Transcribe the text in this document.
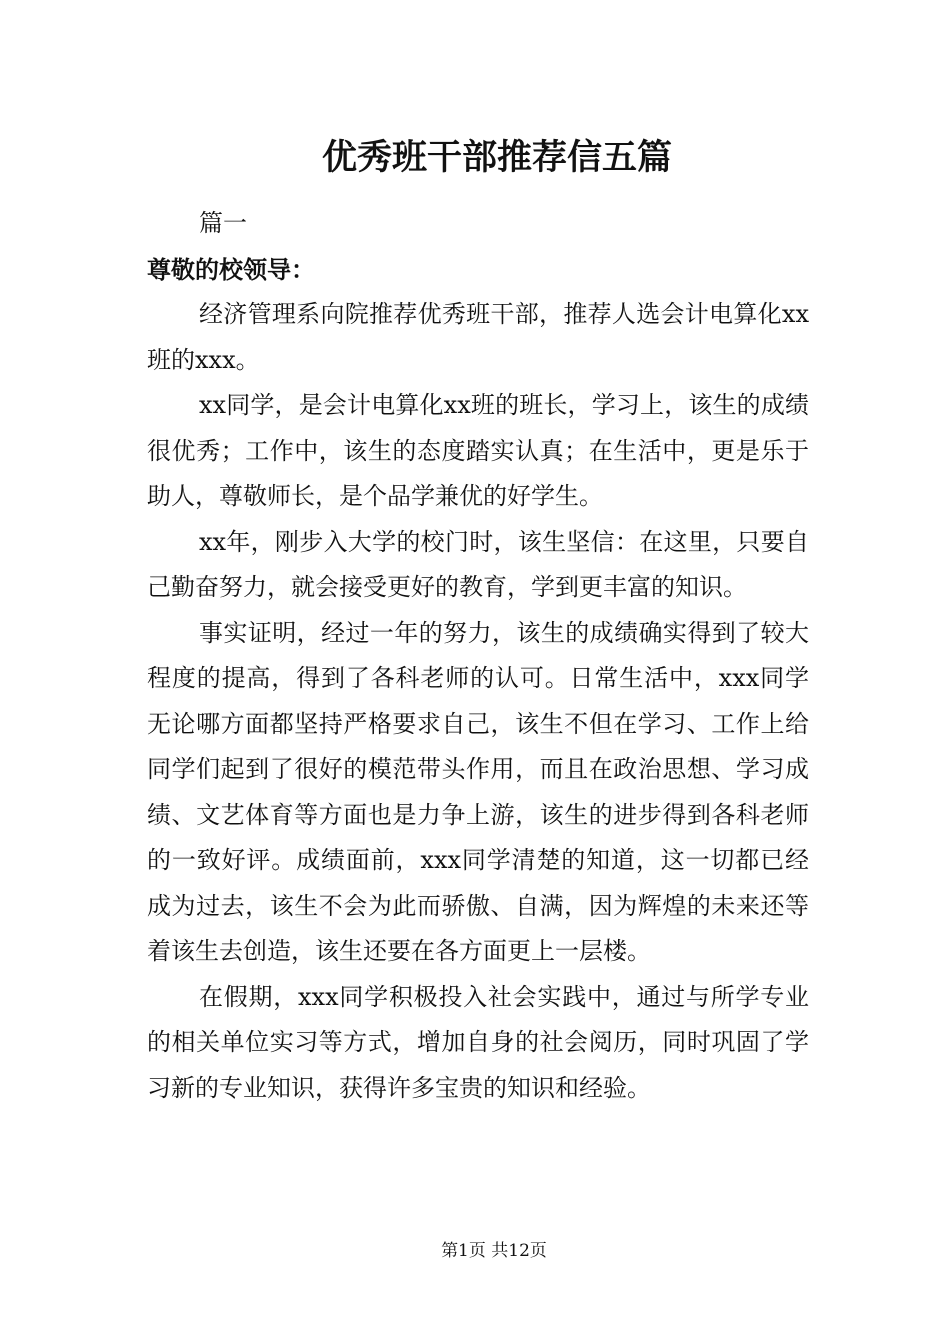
优秀班干部推荐信五篇

篇一

尊敬的校领导：

经济管理系向院推荐优秀班干部，推荐人选会计电算化xx班的xxx。

xx同学，是会计电算化xx班的班长，学习上，该生的成绩很优秀；工作中，该生的态度踏实认真；在生活中，更是乐于助人，尊敬师长，是个品学兼优的好学生。

xx年，刚步入大学的校门时，该生坚信：在这里，只要自己勤奋努力，就会接受更好的教育，学到更丰富的知识。

事实证明，经过一年的努力，该生的成绩确实得到了较大程度的提高，得到了各科老师的认可。日常生活中，xxx同学无论哪方面都坚持严格要求自己，该生不但在学习、工作上给同学们起到了很好的模范带头作用，而且在政治思想、学习成绩、文艺体育等方面也是力争上游，该生的进步得到各科老师的一致好评。成绩面前，xxx同学清楚的知道，这一切都已经成为过去，该生不会为此而骄傲、自满，因为辉煌的未来还等着该生去创造，该生还要在各方面更上一层楼。

在假期，xxx同学积极投入社会实践中，通过与所学专业的相关单位实习等方式，增加自身的社会阅历，同时巩固了学习新的专业知识，获得许多宝贵的知识和经验。

第1页 共12页
